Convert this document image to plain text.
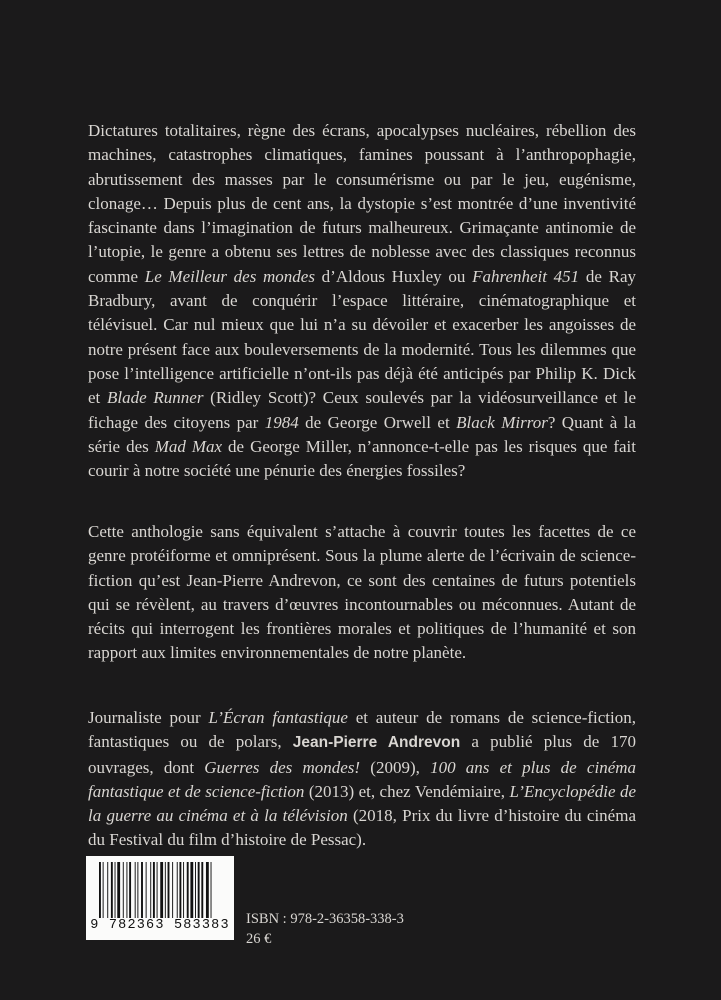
Dictatures totalitaires, règne des écrans, apocalypses nucléaires, rébellion des machines, catastrophes climatiques, famines poussant à l’anthropophagie, abrutissement des masses par le consumérisme ou par le jeu, eugénisme, clonage… Depuis plus de cent ans, la dystopie s’est montrée d’une inventivité fascinante dans l’imagination de futurs malheureux. Grimaçante antinomie de l’utopie, le genre a obtenu ses lettres de noblesse avec des classiques reconnus comme Le Meilleur des mondes d’Aldous Huxley ou Fahrenheit 451 de Ray Bradbury, avant de conquérir l’espace littéraire, cinématographique et télévisuel. Car nul mieux que lui n’a su dévoiler et exacerber les angoisses de notre présent face aux bouleversements de la modernité. Tous les dilemmes que pose l’intelligence artificielle n’ont-ils pas déjà été anticipés par Philip K. Dick et Blade Runner (Ridley Scott)? Ceux soulevés par la vidéosurveillance et le fichage des citoyens par 1984 de George Orwell et Black Mirror? Quant à la série des Mad Max de George Miller, n’annonce-t-elle pas les risques que fait courir à notre société une pénurie des énergies fossiles?

Cette anthologie sans équivalent s’attache à couvrir toutes les facettes de ce genre protéiforme et omniprésent. Sous la plume alerte de l’écrivain de science-fiction qu’est Jean-Pierre Andrevon, ce sont des centaines de futurs potentiels qui se révèlent, au travers d’œuvres incontournables ou méconnues. Autant de récits qui interrogent les frontières morales et politiques de l’humanité et son rapport aux limites environnementales de notre planète.

Journaliste pour L’Écran fantastique et auteur de romans de science-fiction, fantastiques ou de polars, Jean-Pierre Andrevon a publié plus de 170 ouvrages, dont Guerres des mondes! (2009), 100 ans et plus de cinéma fantastique et de science-fiction (2013) et, chez Vendémiaire, L’Encyclopédie de la guerre au cinéma et à la télévision (2018, Prix du livre d’histoire du cinéma du Festival du film d’histoire de Pessac).

9 782363 583383 ISBN : 978-2-36358-338-3
26 €
